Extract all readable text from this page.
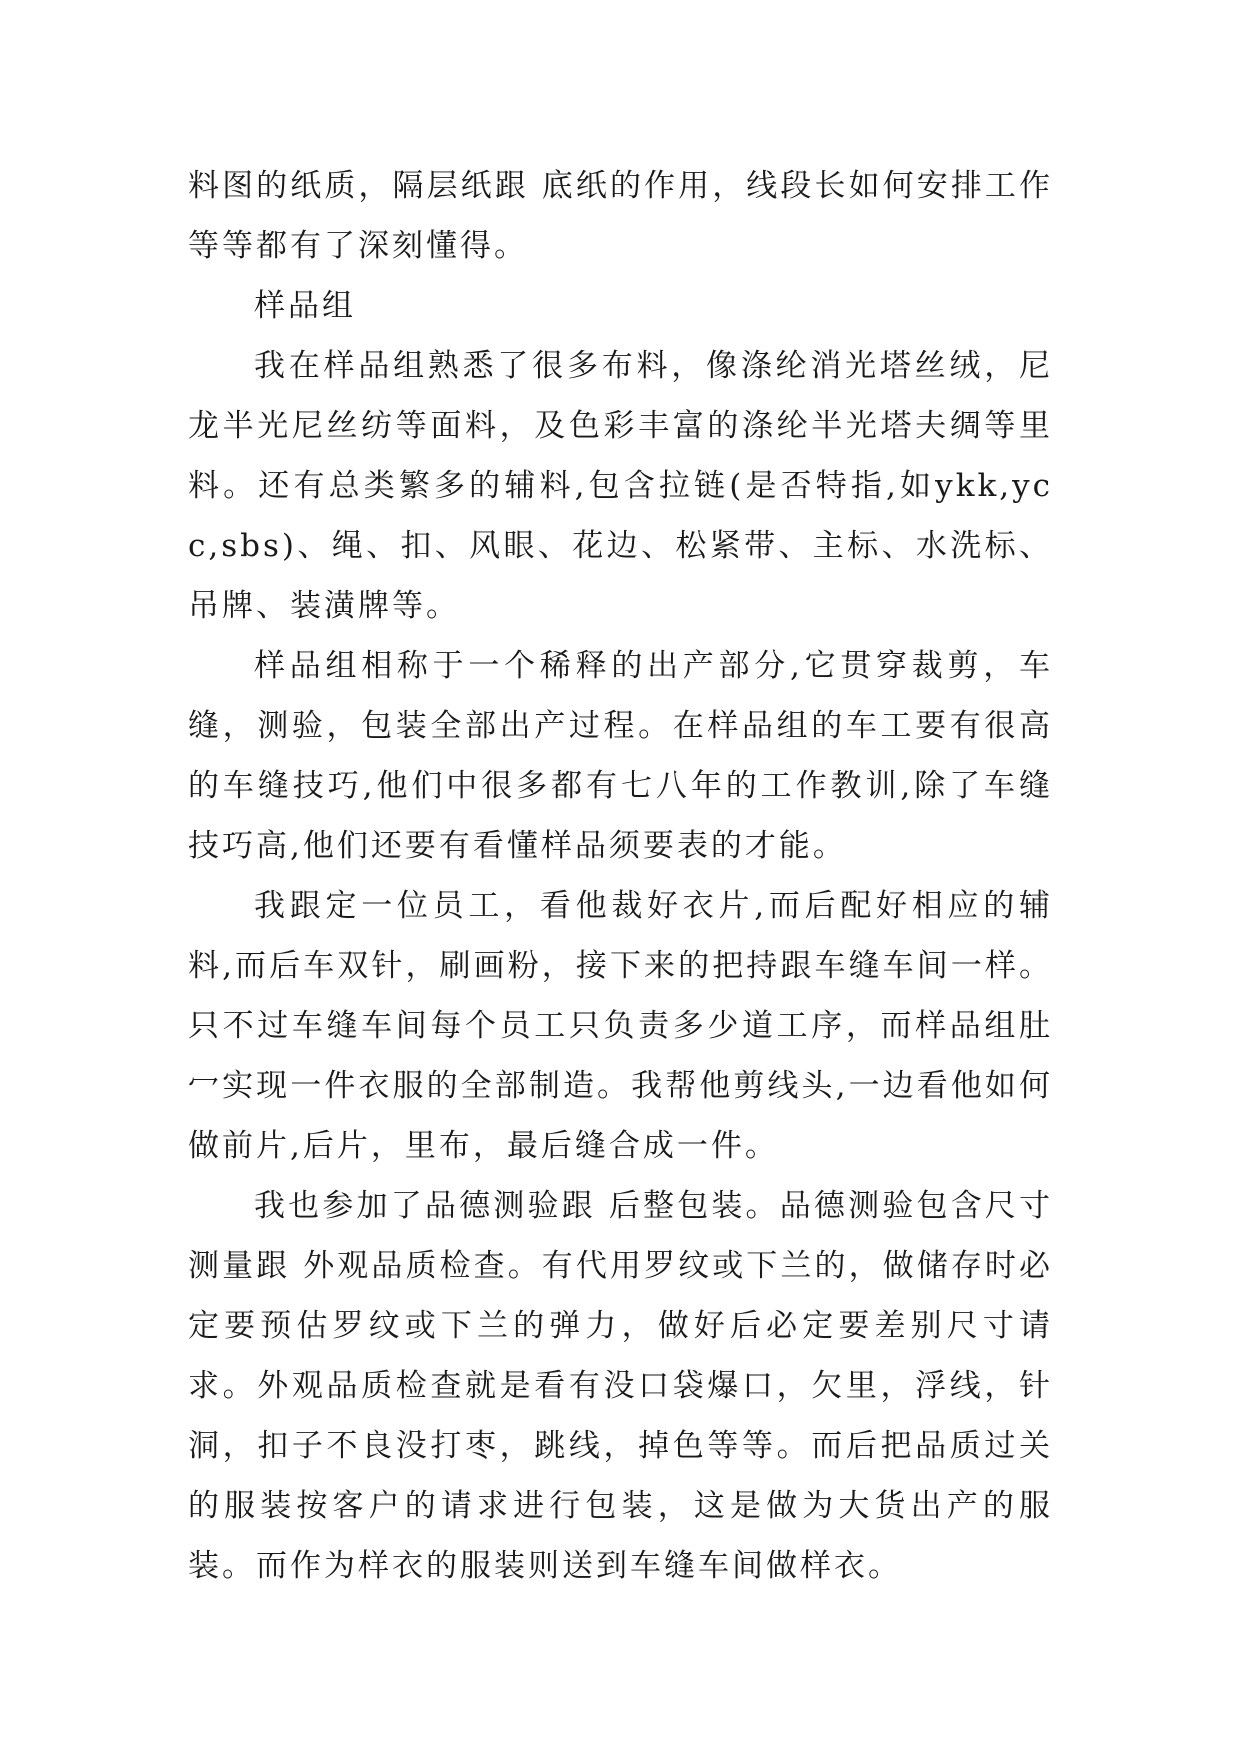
料图的纸质，隔层纸跟 底纸的作用，线段长如何安排工作等等都有了深刻懂得。

样品组

我在样品组熟悉了很多布料，像涤纶消光塔丝绒，尼龙半光尼丝纺等面料，及色彩丰富的涤纶半光塔夫绸等里料。还有总类繁多的辅料,包含拉链(是否特指,如ykk,ycc,sbs)、绳、扣、风眼、花边、松紧带、主标、水洗标、吊牌、装潢牌等。

样品组相称于一个稀释的出产部分,它贯穿裁剪，车缝，测验，包装全部出产过程。在样品组的车工要有很高的车缝技巧,他们中很多都有七八年的工作教训,除了车缝技巧高,他们还要有看懂样品须要表的才能。

我跟定一位员工，看他裁好衣片,而后配好相应的辅料,而后车双针，刷画粉，接下来的把持跟车缝车间一样。只不过车缝车间每个员工只负责多少道工序，而样品组肚冖实现一件衣服的全部制造。我帮他剪线头,一边看他如何做前片,后片，里布，最后缝合成一件。

我也参加了品德测验跟 后整包装。品德测验包含尺寸测量跟 外观品质检查。有代用罗纹或下兰的，做储存时必定要预估罗纹或下兰的弹力，做好后必定要差别尺寸请求。外观品质检查就是看有没口袋爆口，欠里，浮线，针洞，扣子不良没打枣，跳线，掉色等等。而后把品质过关的服装按客户的请求进行包装，这是做为大货出产的服装。而作为样衣的服装则送到车缝车间做样衣。
